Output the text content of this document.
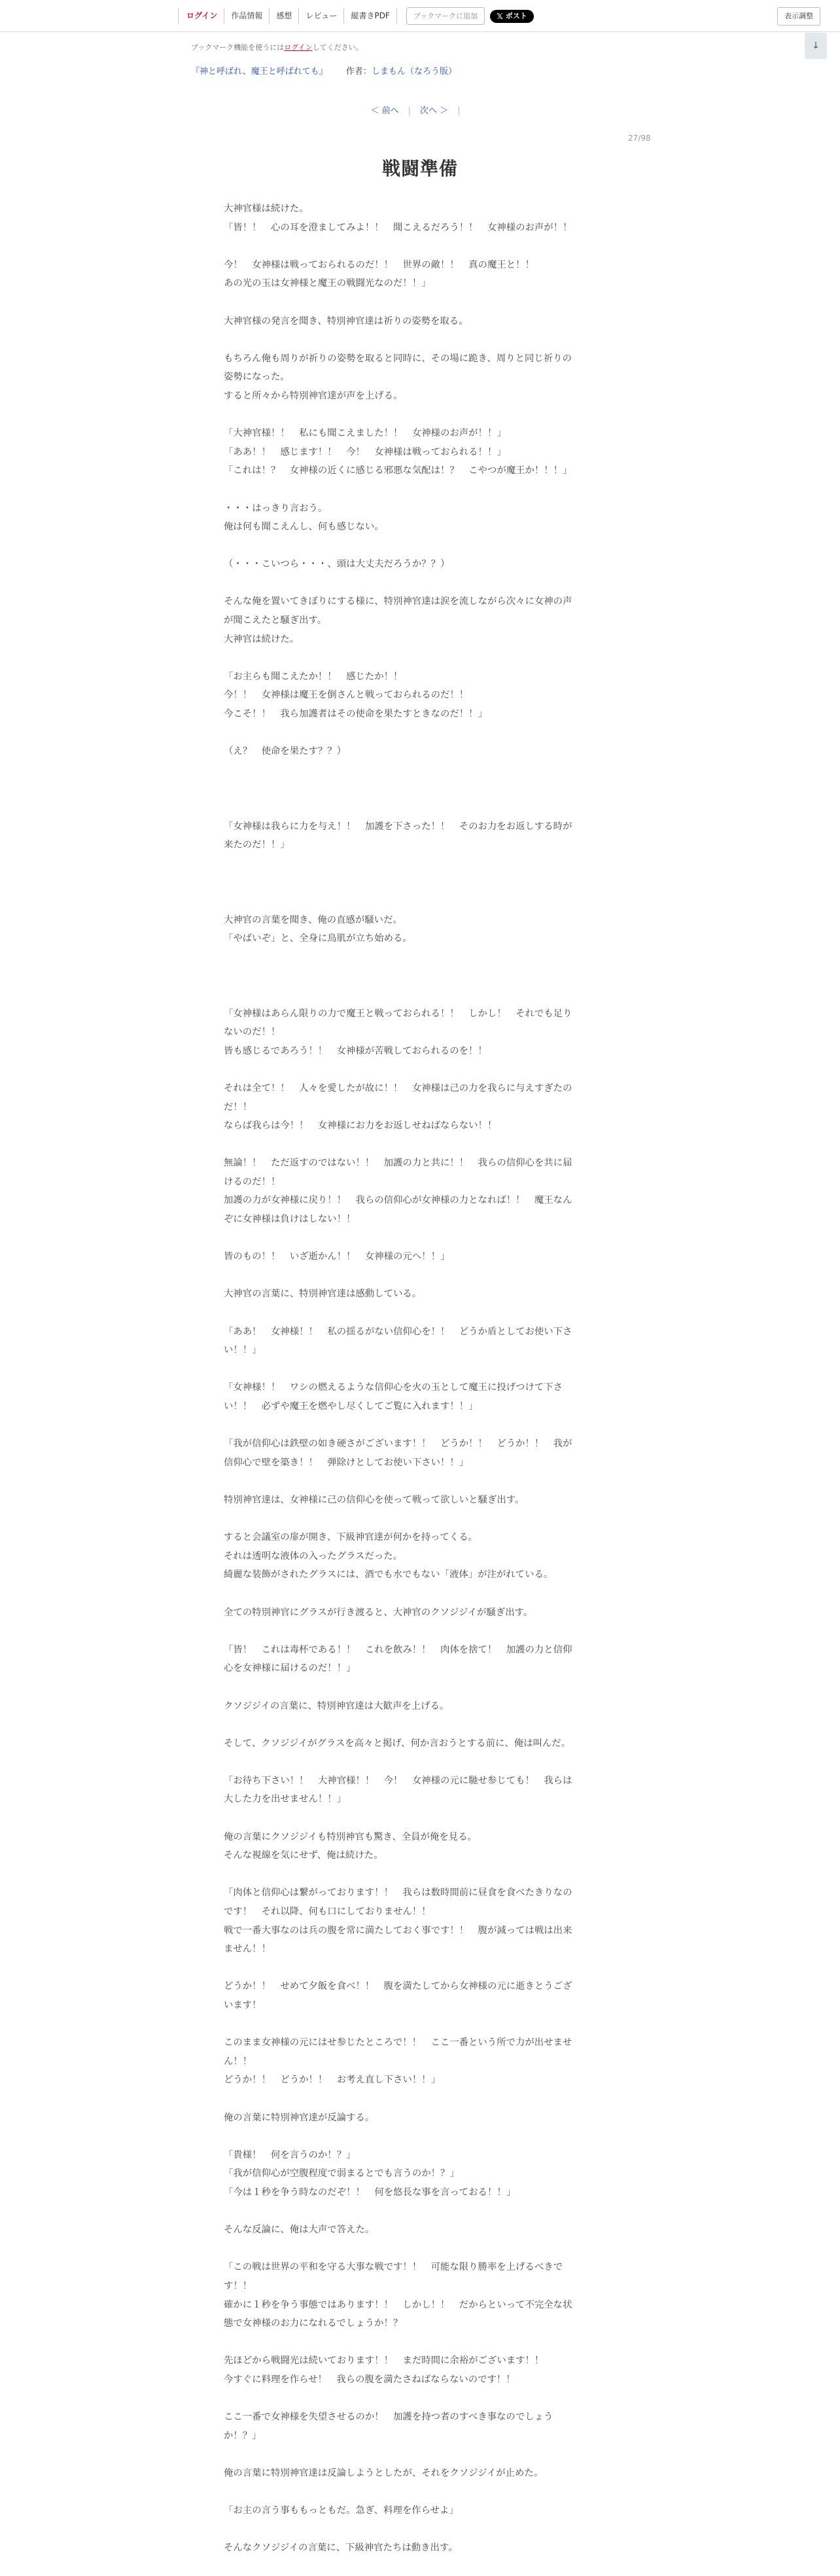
ログイン	作品情報	感想	レビュー	縦書きPDF	ブックマークに追加	𝕏 ポスト	表示調整
↓
ブックマーク機能を使うにはログインしてください。
『神と呼ばれ、魔王と呼ばれても』 作者：しまもん（なろう版）
＜ 前へ | 次へ ＞ |
27/98
戦闘準備

大神官様は続けた。
「皆！！　心の耳を澄ましてみよ！！　聞こえるだろう！！　女神様のお声が！！

今！　女神様は戦っておられるのだ！！　世界の敵！！　真の魔王と！！
あの光の玉は女神様と魔王の戦闘光なのだ！！」

大神官様の発言を聞き、特別神官達は祈りの姿勢を取る。

もちろん俺も周りが祈りの姿勢を取ると同時に、その場に跪き、周りと同じ祈りの
姿勢になった。
すると所々から特別神官達が声を上げる。

「大神官様！！　私にも聞こえました！！　女神様のお声が！！」
「ああ！！　感じます！！　今！　女神様は戦っておられる！！」
「これは！？　女神様の近くに感じる邪悪な気配は！？　こやつが魔王か！！！」

・・・はっきり言おう。
俺は何も聞こえんし、何も感じない。

（・・・こいつら・・・、頭は大丈夫だろうか？？）

そんな俺を置いてきぼりにする様に、特別神官達は涙を流しながら次々に女神の声
が聞こえたと騒ぎ出す。
大神官は続けた。

「お主らも聞こえたか！！　感じたか！！
今！！　女神様は魔王を倒さんと戦っておられるのだ！！
今こそ！！　我ら加護者はその使命を果たすときなのだ！！」

（え？　使命を果たす？？）

「女神様は我らに力を与え！！　加護を下さった！！　そのお力をお返しする時が
来たのだ！！」

大神官の言葉を聞き、俺の直感が騒いだ。
「やばいぞ」と、全身に鳥肌が立ち始める。

「女神様はあらん限りの力で魔王と戦っておられる！！　しかし！　それでも足り
ないのだ！！
皆も感じるであろう！！　女神様が苦戦しておられるのを！！

それは全て！！　人々を愛したが故に！！　女神様は己の力を我らに与えすぎたの
だ！！
ならば我らは今！！　女神様にお力をお返しせねばならない！！

無論！！　ただ返すのではない！！　加護の力と共に！！　我らの信仰心を共に届
けるのだ！！
加護の力が女神様に戻り！！　我らの信仰心が女神様の力となれば！！　魔王なん
ぞに女神様は負けはしない！！

皆のもの！！　いざ逝かん！！　女神様の元へ！！」

大神官の言葉に、特別神官達は感動している。

「ああ！　女神様！！　私の揺るがない信仰心を！！　どうか盾としてお使い下さ
い！！」

「女神様！！　ワシの燃えるような信仰心を火の玉として魔王に投げつけて下さ
い！！　必ずや魔王を燃やし尽くしてご覧に入れます！！」

「我が信仰心は鉄壁の如き硬さがございます！！　どうか！！　どうか！！　我が
信仰心で壁を築き！！　弾除けとしてお使い下さい！！」

特別神官達は、女神様に己の信仰心を使って戦って欲しいと騒ぎ出す。

すると会議室の扉が開き、下級神官達が何かを持ってくる。
それは透明な液体の入ったグラスだった。
綺麗な装飾がされたグラスには、酒でも水でもない「液体」が注がれている。

全ての特別神官にグラスが行き渡ると、大神官のクソジジイが騒ぎ出す。

「皆！　これは毒杯である！！　これを飲み！！　肉体を捨て！　加護の力と信仰
心を女神様に届けるのだ！！」

クソジジイの言葉に、特別神官達は大歓声を上げる。

そして、クソジジイがグラスを高々と掲げ、何か言おうとする前に、俺は叫んだ。

「お待ち下さい！！　大神官様！！　今！　女神様の元に馳せ参じても！　我らは
大した力を出せません！！」

俺の言葉にクソジジイも特別神官も驚き、全員が俺を見る。
そんな視線を気にせず、俺は続けた。

「肉体と信仰心は繋がっております！！　我らは数時間前に昼食を食べたきりなの
です！　それ以降、何も口にしておりません！！
戦で一番大事なのは兵の腹を常に満たしておく事です！！　腹が減っては戦は出来
ません！！

どうか！！　せめて夕飯を食べ！！　腹を満たしてから女神様の元に逝きとうござ
います！

このまま女神様の元にはせ参じたところで！！　ここ一番という所で力が出せませ
ん！！
どうか！！　どうか！！　お考え直し下さい！！」

俺の言葉に特別神官達が反論する。

「貴様！　何を言うのか！？」
「我が信仰心が空腹程度で弱まるとでも言うのか！？」
「今は１秒を争う時なのだぞ！！　何を悠長な事を言っておる！！」

そんな反論に、俺は大声で答えた。

「この戦は世界の平和を守る大事な戦です！！　可能な限り勝率を上げるべきで
す！！
確かに１秒を争う事態ではあります！！　しかし！！　だからといって不完全な状
態で女神様のお力になれるでしょうか！？

先ほどから戦闘光は続いております！！　まだ時間に余裕がございます！！
今すぐに料理を作らせ！　我らの腹を満たさねばならないのです！！

ここ一番で女神様を失望させるのか！　加護を持つ者のすべき事なのでしょう
か！？」

俺の言葉に特別神官達は反論しようとしたが、それをクソジジイが止めた。

「お主の言う事ももっともだ。急ぎ、料理を作らせよ」

そんなクソジジイの言葉に、下級神官たちは動き出す。
